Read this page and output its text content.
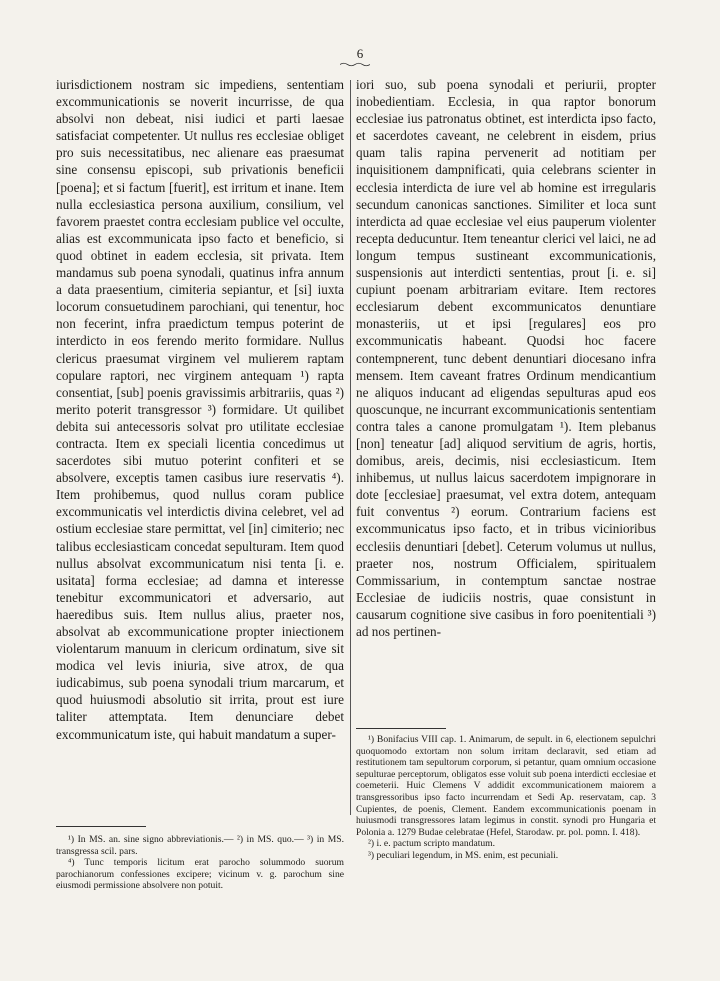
6

iurisdictionem nostram sic impediens, sententiam excommunicationis se noverit incurrisse, de qua absolvi non debeat, nisi iudici et parti laesae satisfaciat competenter. Ut nullus res ecclesiae obliget pro suis necessitatibus, nec alienare eas praesumat sine consensu episcopi, sub privationis beneficii [poena]; et si factum [fuerit], est irritum et inane. Item nulla ecclesiastica persona auxilium, consilium, vel favorem praestet contra ecclesiam publice vel occulte, alias est excommunicata ipso facto et beneficio, si quod obtinet in eadem ecclesia, sit privata. Item mandamus sub poena synodali, quatinus infra annum a data praesentium, cimiteria sepiantur, et [si] iuxta locorum consuetudinem parochiani, qui tenentur, hoc non fecerint, infra praedictum tempus poterint de interdicto in eos ferendo merito formidare. Nullus clericus praesumat virginem vel mulierem raptam copulare raptori, nec virginem antequam ¹) rapta consentiat, [sub] poenis gravissimis arbitrariis, quas ²) merito poterit transgressor ³) formidare. Ut quilibet debita sui antecessoris solvat pro utilitate ecclesiae contracta. Item ex speciali licentia concedimus ut sacerdotes sibi mutuo poterint confiteri et se absolvere, exceptis tamen casibus iure reservatis ⁴). Item prohibemus, quod nullus coram publice excommunicatis vel interdictis divina celebret, vel ad ostium ecclesiae stare permittat, vel [in] cimiterio; nec talibus ecclesiasticam concedat sepulturam. Item quod nullus absolvat excommunicatum nisi tenta [i. e. usitata] forma ecclesiae; ad damna et interesse tenebitur excommunicatori et adversario, aut haeredibus suis. Item nullus alius, praeter nos, absolvat ab excommunicatione propter iniectionem violentarum manuum in clericum ordinatum, sive sit modica vel levis iniuria, sive atrox, de qua iudicabimus, sub poena synodali trium marcarum, et quod huiusmodi absolutio sit irrita, prout est iure taliter attemptata. Item denunciare debet excommunicatum iste, qui habuit mandatum a super-

iori suo, sub poena synodali et periurii, propter inobedientiam. Ecclesia, in qua raptor bonorum ecclesiae ius patronatus obtinet, est interdicta ipso facto, et sacerdotes caveant, ne celebrent in eisdem, prius quam talis rapina pervenerit ad notitiam per inquisitionem dampnificati, quia celebrans scienter in ecclesia interdicta de iure vel ab homine est irregularis secundum canonicas sanctiones. Similiter et loca sunt interdicta ad quae ecclesiae vel eius pauperum violenter recepta deducuntur. Item teneantur clerici vel laici, ne ad longum tempus sustineant excommunicationis, suspensionis aut interdicti sententias, prout [i. e. si] cupiunt poenam arbitrariam evitare. Item rectores ecclesiarum debent excommunicatos denuntiare monasteriis, ut et ipsi [regulares] eos pro excommunicatis habeant. Quodsi hoc facere contempnerent, tunc debent denuntiari diocesano infra mensem. Item caveant fratres Ordinum mendicantium ne aliquos inducant ad eligendas sepulturas apud eos quoscunque, ne incurrant excommunicationis sententiam contra tales a canone promulgatam ¹). Item plebanus [non] teneatur [ad] aliquod servitium de agris, hortis, domibus, areis, decimis, nisi ecclesiasticum. Item inhibemus, ut nullus laicus sacerdotem impignorare in dote [ecclesiae] praesumat, vel extra dotem, antequam fuit conventus ²) eorum. Contrarium faciens est excommunicatus ipso facto, et in tribus vicinioribus ecclesiis denuntiari [debet]. Ceterum volumus ut nullus, praeter nos, nostrum Officialem, spiritualem Commissarium, in contemptum sanctae nostrae Ecclesiae de iudiciis nostris, quae consistunt in causarum cognitione sive casibus in foro poenitentiali ³) ad nos pertinen-

¹) In MS. an. sine signo abbreviationis.— ²) in MS. quo.— ³) in MS. transgressa scil. pars.

⁴) Tunc temporis licitum erat parocho solummodo suorum parochianorum confessiones excipere; vicinum v. g. parochum sine eiusmodi permissione absolvere non potuit.

¹) Bonifacius VIII cap. 1. Animarum, de sepult. in 6, electionem sepulchri quoquomodo extortam non solum irritam declaravit, sed etiam ad restitutionem tam sepultorum corporum, si petantur, quam omnium occasione sepulturae perceptorum, obligatos esse voluit sub poena interdicti ecclesiae et coemeterii. Huic Clemens V addidit excommunicationem maiorem a transgressoribus ipso facto incurrendam et Sedi Ap. reservatam, cap. 3 Cupientes, de poenis, Clement. Eandem excommunicationis poenam in huiusmodi transgressores latam legimus in constit. synodi pro Hungaria et Polonia a. 1279 Budae celebratae (Hefel, Starodaw. pr. pol. pomn. I. 418).

²) i. e. pactum scripto mandatum.

³) peculiari legendum, in MS. enim, est pecuniali.
